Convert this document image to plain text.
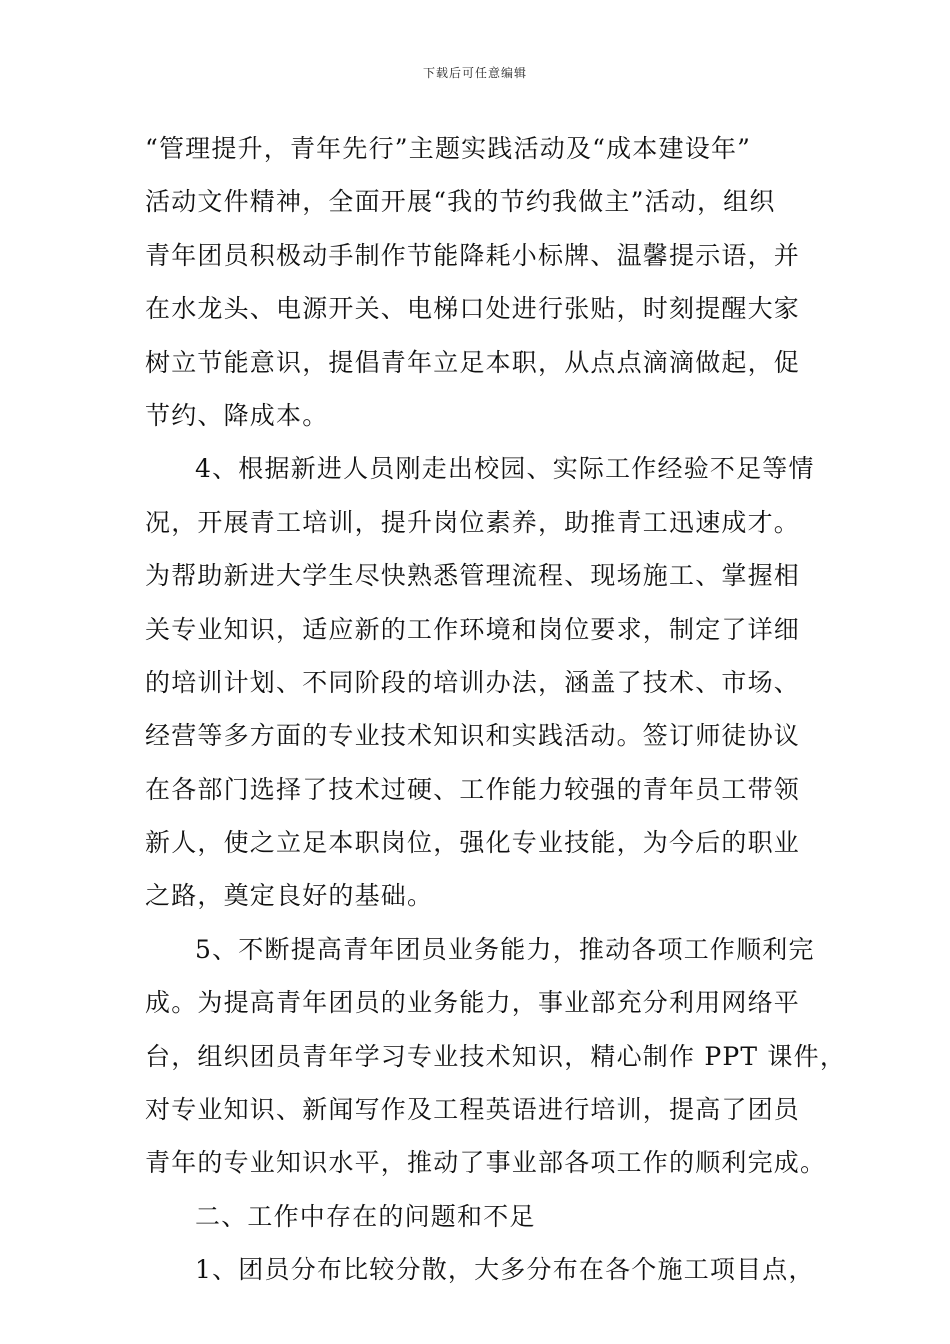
下载后可任意编辑
“管理提升，青年先行”主题实践活动及“成本建设年”
活动文件精神，全面开展“我的节约我做主”活动，组织
青年团员积极动手制作节能降耗小标牌、温馨提示语，并
在水龙头、电源开关、电梯口处进行张贴，时刻提醒大家
树立节能意识，提倡青年立足本职，从点点滴滴做起，促
节约、降成本。
4、根据新进人员刚走出校园、实际工作经验不足等情
况，开展青工培训，提升岗位素养，助推青工迅速成才。
为帮助新进大学生尽快熟悉管理流程、现场施工、掌握相
关专业知识，适应新的工作环境和岗位要求，制定了详细
的培训计划、不同阶段的培训办法，涵盖了技术、市场、
经营等多方面的专业技术知识和实践活动。签订师徒协议
在各部门选择了技术过硬、工作能力较强的青年员工带领
新人，使之立足本职岗位，强化专业技能，为今后的职业
之路，奠定良好的基础。
5、不断提高青年团员业务能力，推动各项工作顺利完
成。为提高青年团员的业务能力，事业部充分利用网络平
台，组织团员青年学习专业技术知识，精心制作 PPT 课件，
对专业知识、新闻写作及工程英语进行培训，提高了团员
青年的专业知识水平，推动了事业部各项工作的顺利完成。
二、工作中存在的问题和不足
1、团员分布比较分散，大多分布在各个施工项目点，
